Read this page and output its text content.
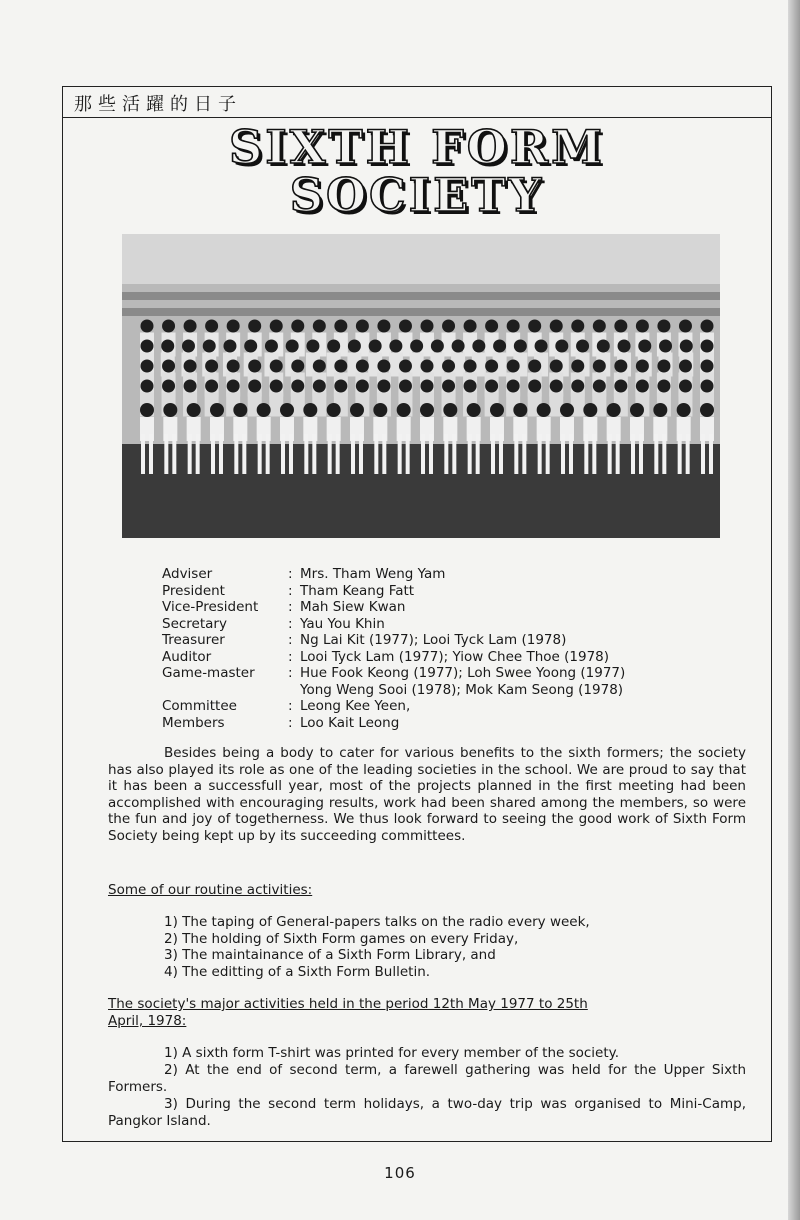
那些活躍的日子
SIXTH FORM
SOCIETY
Adviser	: Mrs. Tham Weng Yam
President	: Tham Keang Fatt
Vice-President	: Mah Siew Kwan
Secretary	: Yau You Khin
Treasurer	: Ng Lai Kit (1977); Looi Tyck Lam (1978)
Auditor	: Looi Tyck Lam (1977); Yiow Chee Thoe (1978)
Game-master	: Hue Fook Keong (1977); Loh Swee Yoong (1977)
Yong Weng Sooi (1978); Mok Kam Seong (1978)
Committee	: Leong Kee Yeen,
Members	: Loo Kait Leong
Besides being a body to cater for various benefits to the sixth formers; the society has also played its role as one of the leading societies in the school. We are proud to say that it has been a successfull year, most of the projects planned in the first meeting had been accomplished with encouraging results, work had been shared among the members, so were the fun and joy of togetherness. We thus look forward to seeing the good work of Sixth Form Society being kept up by its succeeding committees.
Some of our routine activities:
1) The taping of General-papers talks on the radio every week,
2) The holding of Sixth Form games on every Friday,
3) The maintainance of a Sixth Form Library, and
4) The editting of a Sixth Form Bulletin.
The society's major activities held in the period 12th May 1977 to 25th
April, 1978:
1) A sixth form T-shirt was printed for every member of the society.
2) At the end of second term, a farewell gathering was held for the Upper Sixth Formers.
3) During the second term holidays, a two-day trip was organised to Mini-Camp, Pangkor Island.
106
